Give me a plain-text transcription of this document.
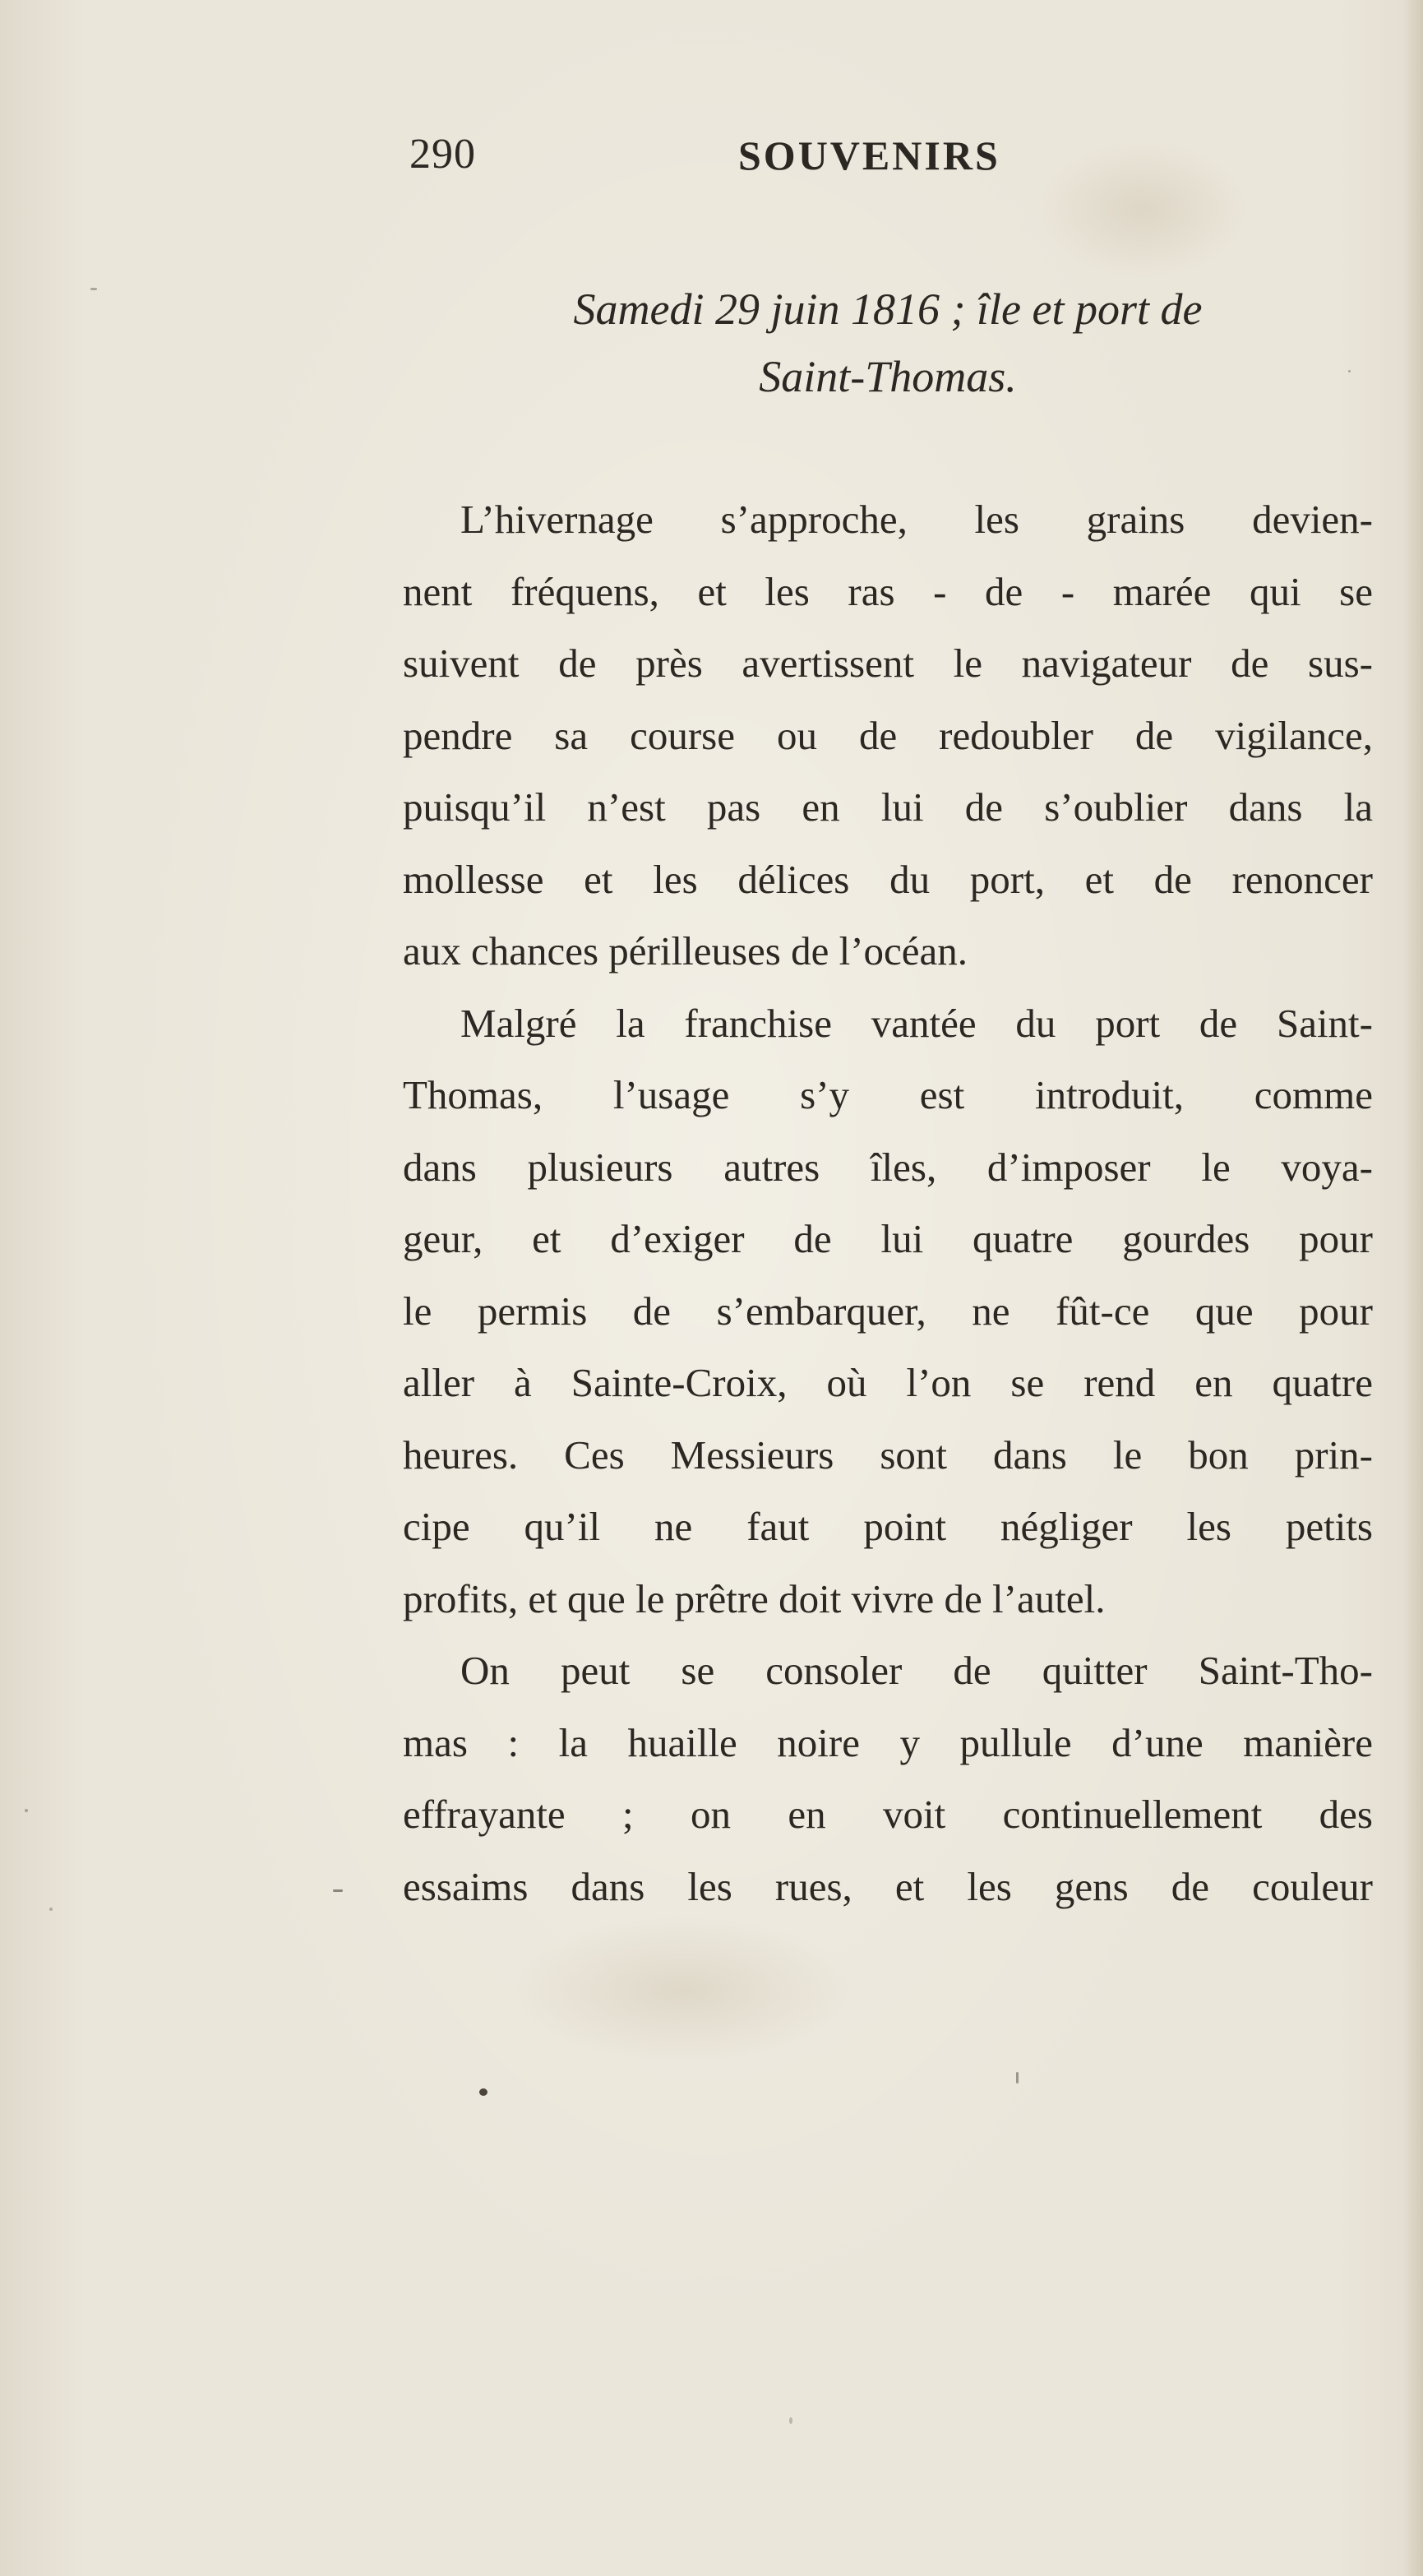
290	SOUVENIRS
Samedi 29 juin 1816 ; île et port de
Saint-Thomas.
L’hivernage s’approche, les grains devien-
nent fréquens, et les ras - de - marée qui se
suivent de près avertissent le navigateur de sus-
pendre sa course ou de redoubler de vigilance,
puisqu’il n’est pas en lui de s’oublier dans la
mollesse et les délices du port, et de renoncer
aux chances périlleuses de l’océan.
Malgré la franchise vantée du port de Saint-
Thomas, l’usage s’y est introduit, comme
dans plusieurs autres îles, d’imposer le voya-
geur, et d’exiger de lui quatre gourdes pour
le permis de s’embarquer, ne fût-ce que pour
aller à Sainte-Croix, où l’on se rend en quatre
heures. Ces Messieurs sont dans le bon prin-
cipe qu’il ne faut point négliger les petits
profits, et que le prêtre doit vivre de l’autel.
On peut se consoler de quitter Saint-Tho-
mas : la huaille noire y pullule d’une manière
effrayante ; on en voit continuellement des
essaims dans les rues, et les gens de couleur
